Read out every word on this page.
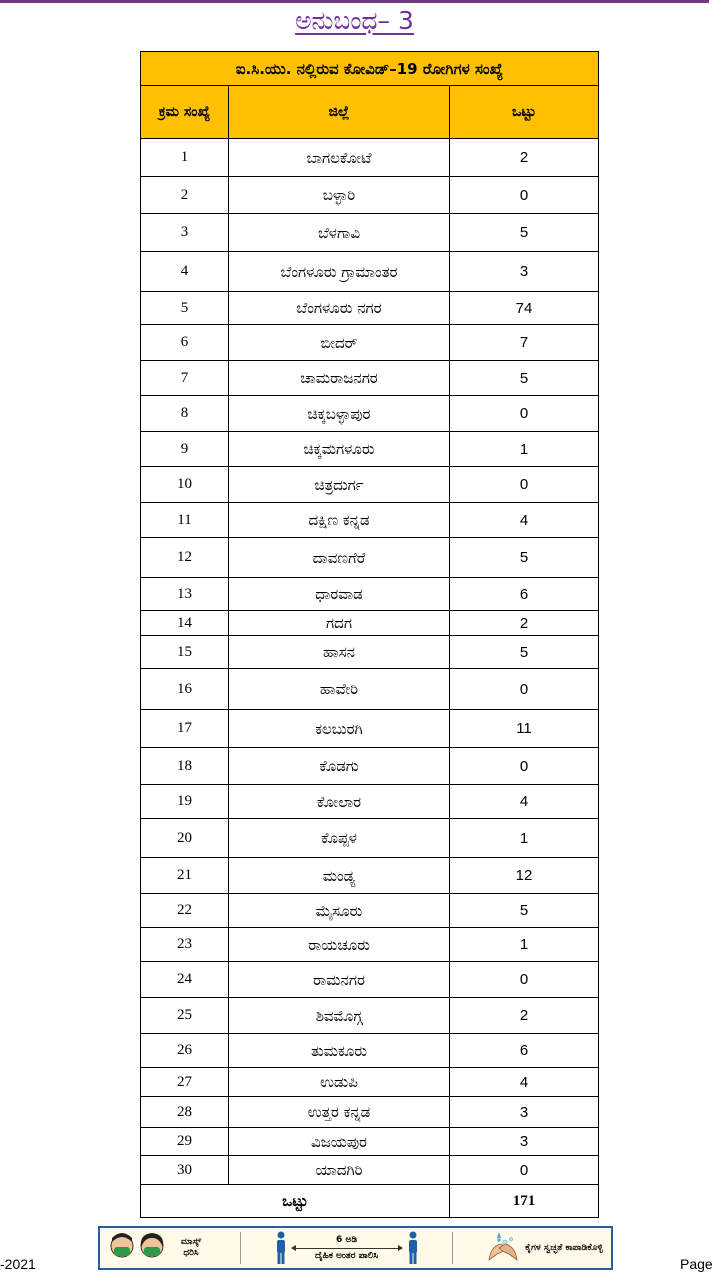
ಅನುಬಂಧ– 3
ಐ.ಸಿ.ಯು. ನಲ್ಲಿರುವ ಕೋವಿಡ್–19 ರೋಗಿಗಳ ಸಂಖ್ಯೆ		
ಕ್ರಮ ಸಂಖ್ಯೆ	ಜಿಲ್ಲೆ	ಒಟ್ಟು
1	ಬಾಗಲಕೋಟೆ	2
2	ಬಳ್ಳಾರಿ	0
3	ಬೆಳಗಾವಿ	5
4	ಬೆಂಗಳೂರು ಗ್ರಾಮಾಂತರ	3
5	ಬೆಂಗಳೂರು ನಗರ	74
6	ಬೀದರ್	7
7	ಚಾಮರಾಜನಗರ	5
8	ಚಿಕ್ಕಬಳ್ಳಾಪುರ	0
9	ಚಿಕ್ಕಮಗಳೂರು	1
10	ಚಿತ್ರದುರ್ಗ	0
11	ದಕ್ಷಿಣ ಕನ್ನಡ	4
12	ದಾವಣಗೆರೆ	5
13	ಧಾರವಾಡ	6
14	ಗದಗ	2
15	ಹಾಸನ	5
16	ಹಾವೇರಿ	0
17	ಕಲಬುರಗಿ	11
18	ಕೊಡಗು	0
19	ಕೋಲಾರ	4
20	ಕೊಪ್ಪಳ	1
21	ಮಂಡ್ಯ	12
22	ಮೈಸೂರು	5
23	ರಾಯಚೂರು	1
24	ರಾಮನಗರ	0
25	ಶಿವಮೊಗ್ಗ	2
26	ತುಮಕೂರು	6
27	ಉಡುಪಿ	4
28	ಉತ್ತರ ಕನ್ನಡ	3
29	ವಿಜಯಪುರ	3
30	ಯಾದಗಿರಿ	0
ಒಟ್ಟು		171
ಮಾಸ್ಕ್ ಧರಿಸಿ
6 ಅಡಿ
ದೈಹಿಕ ಅಂತರ ಪಾಲಿಸಿ
ಕೈಗಳ ಸ್ವಚ್ಛತೆ ಕಾಪಾಡಿಕೊಳ್ಳಿ
-2021	Page
